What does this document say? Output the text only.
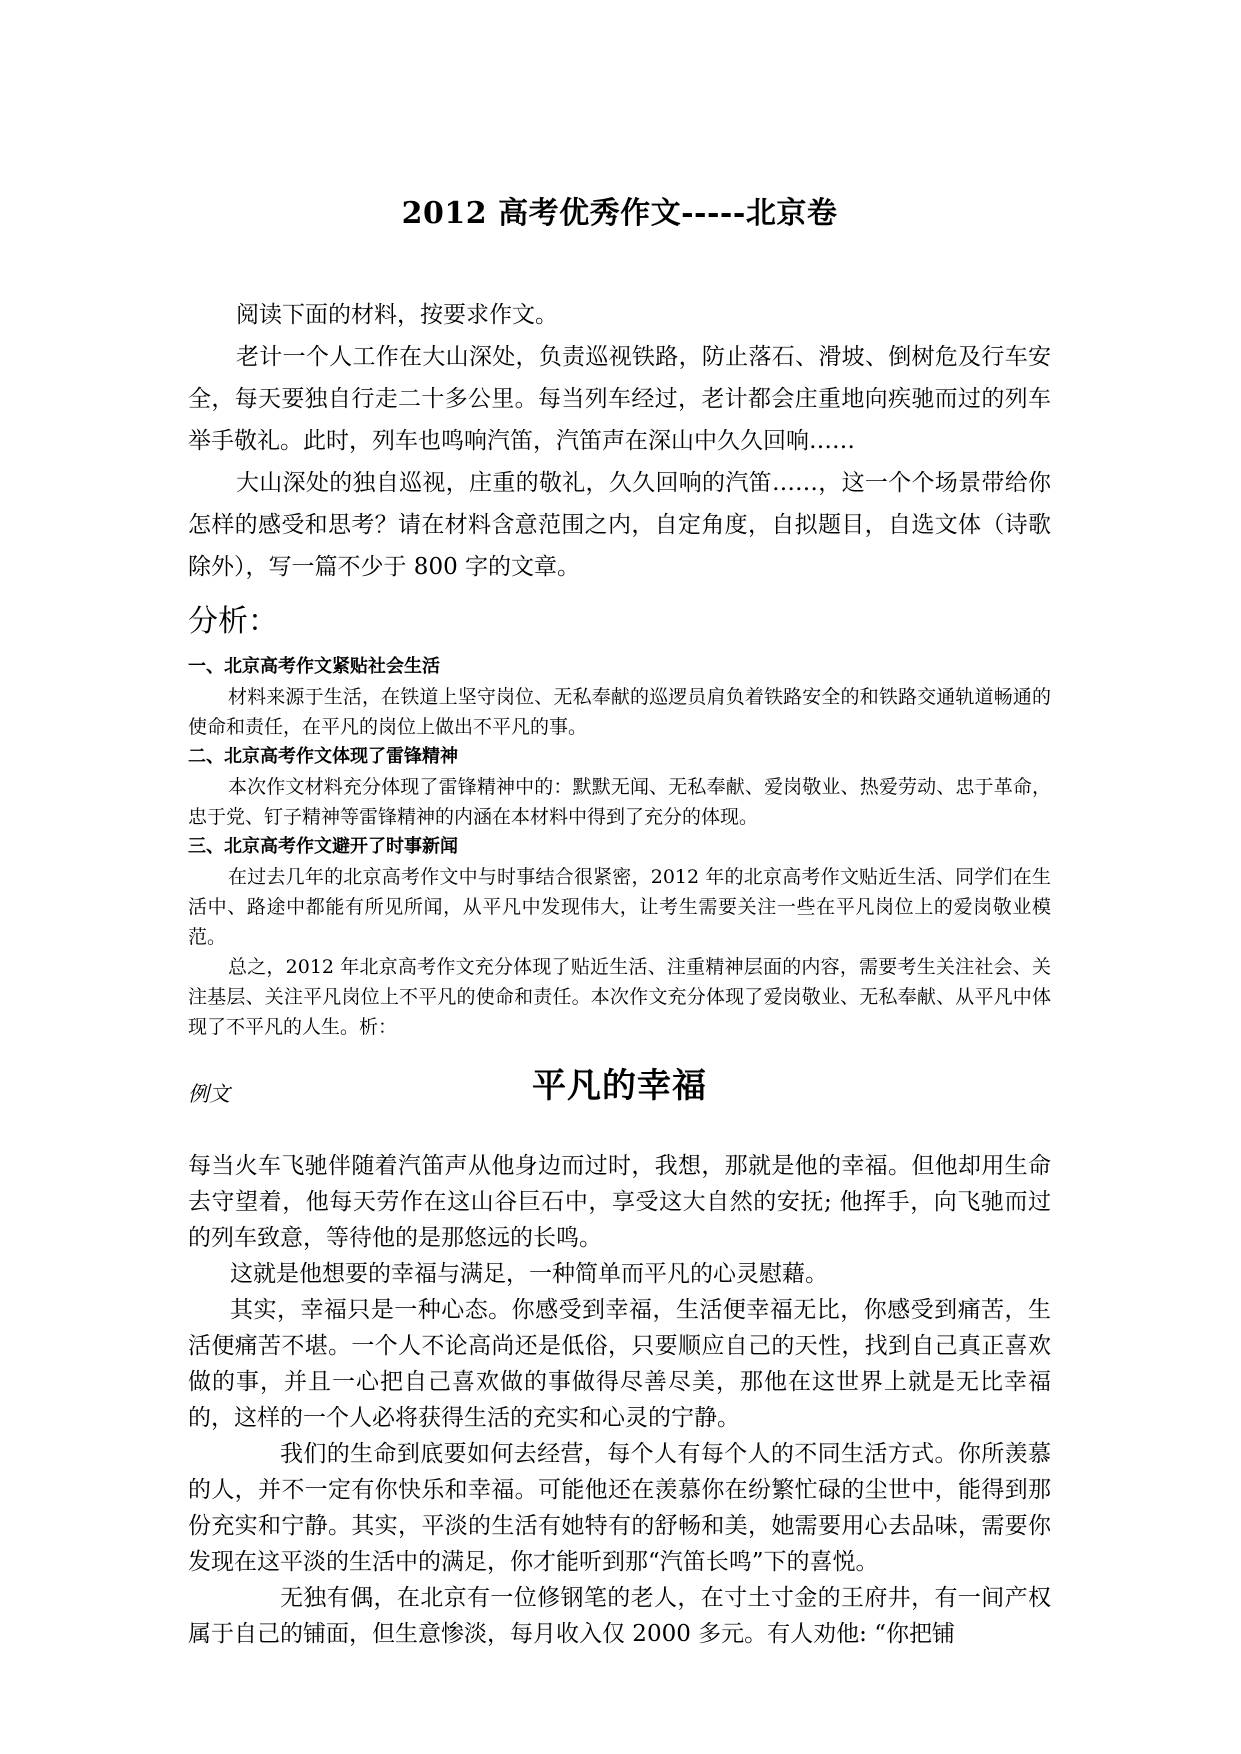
2012 高考优秀作文-----北京卷

阅读下面的材料，按要求作文。

老计一个人工作在大山深处，负责巡视铁路，防止落石、滑坡、倒树危及行车安全，每天要独自行走二十多公里。每当列车经过，老计都会庄重地向疾驰而过的列车举手敬礼。此时，列车也鸣响汽笛，汽笛声在深山中久久回响……

大山深处的独自巡视，庄重的敬礼，久久回响的汽笛……，这一个个场景带给你怎样的感受和思考？请在材料含意范围之内，自定角度，自拟题目，自选文体（诗歌除外），写一篇不少于 800 字的文章。

分析：

一、北京高考作文紧贴社会生活

材料来源于生活，在铁道上坚守岗位、无私奉献的巡逻员肩负着铁路安全的和铁路交通轨道畅通的使命和责任，在平凡的岗位上做出不平凡的事。

二、北京高考作文体现了雷锋精神

本次作文材料充分体现了雷锋精神中的：默默无闻、无私奉献、爱岗敬业、热爱劳动、忠于革命，忠于党、钉子精神等雷锋精神的内涵在本材料中得到了充分的体现。

三、北京高考作文避开了时事新闻

在过去几年的北京高考作文中与时事结合很紧密，2012 年的北京高考作文贴近生活、同学们在生活中、路途中都能有所见所闻，从平凡中发现伟大，让考生需要关注一些在平凡岗位上的爱岗敬业模范。

总之，2012 年北京高考作文充分体现了贴近生活、注重精神层面的内容，需要考生关注社会、关注基层、关注平凡岗位上不平凡的使命和责任。本次作文充分体现了爱岗敬业、无私奉献、从平凡中体现了不平凡的人生。析：

例文	平凡的幸福

每当火车飞驰伴随着汽笛声从他身边而过时，我想，那就是他的幸福。但他却用生命去守望着，他每天劳作在这山谷巨石中，享受这大自然的安抚; 他挥手，向飞驰而过的列车致意，等待他的是那悠远的长鸣。

这就是他想要的幸福与满足，一种简单而平凡的心灵慰藉。

其实，幸福只是一种心态。你感受到幸福，生活便幸福无比，你感受到痛苦，生活便痛苦不堪。一个人不论高尚还是低俗，只要顺应自己的天性，找到自己真正喜欢做的事，并且一心把自己喜欢做的事做得尽善尽美，那他在这世界上就是无比幸福的，这样的一个人必将获得生活的充实和心灵的宁静。

我们的生命到底要如何去经营，每个人有每个人的不同生活方式。你所羡慕的人，并不一定有你快乐和幸福。可能他还在羡慕你在纷繁忙碌的尘世中，能得到那份充实和宁静。其实，平淡的生活有她特有的舒畅和美，她需要用心去品味，需要你发现在这平淡的生活中的满足，你才能听到那“汽笛长鸣”下的喜悦。

无独有偶，在北京有一位修钢笔的老人，在寸土寸金的王府井，有一间产权属于自己的铺面，但生意惨淡，每月收入仅 2000 多元。有人劝他: “你把铺
